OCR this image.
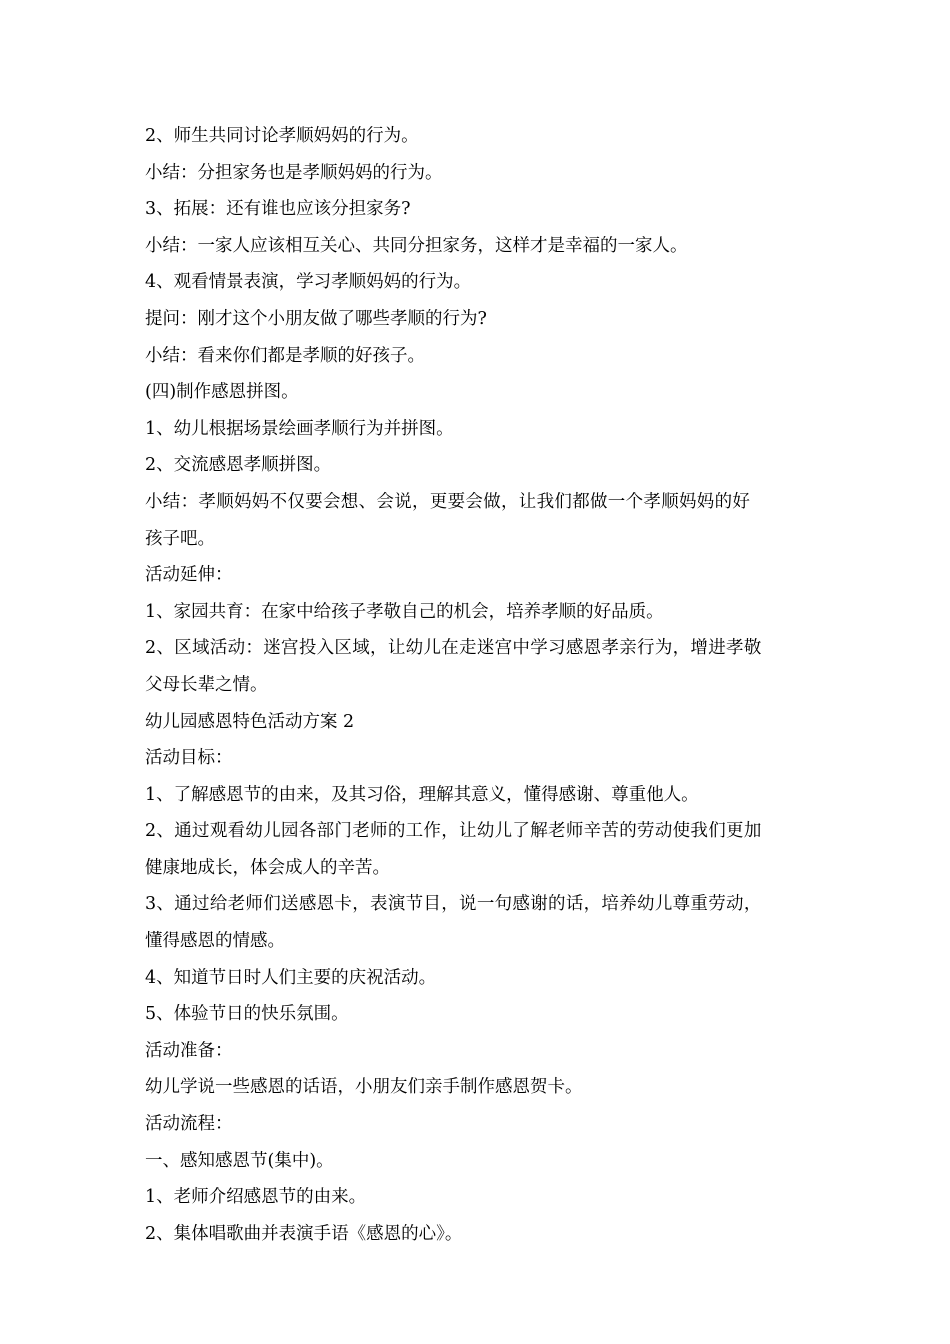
2、师生共同讨论孝顺妈妈的行为。
小结：分担家务也是孝顺妈妈的行为。
3、拓展：还有谁也应该分担家务?
小结：一家人应该相互关心、共同分担家务，这样才是幸福的一家人。
4、观看情景表演，学习孝顺妈妈的行为。
提问：刚才这个小朋友做了哪些孝顺的行为?
小结：看来你们都是孝顺的好孩子。
(四)制作感恩拼图。
1、幼儿根据场景绘画孝顺行为并拼图。
2、交流感恩孝顺拼图。
小结：孝顺妈妈不仅要会想、会说，更要会做，让我们都做一个孝顺妈妈的好
孩子吧。
活动延伸：
1、家园共育：在家中给孩子孝敬自己的机会，培养孝顺的好品质。
2、区域活动：迷宫投入区域，让幼儿在走迷宫中学习感恩孝亲行为，增进孝敬
父母长辈之情。
幼儿园感恩特色活动方案 2
活动目标：
1、了解感恩节的由来，及其习俗，理解其意义，懂得感谢、尊重他人。
2、通过观看幼儿园各部门老师的工作，让幼儿了解老师辛苦的劳动使我们更加
健康地成长，体会成人的辛苦。
3、通过给老师们送感恩卡，表演节目，说一句感谢的话，培养幼儿尊重劳动，
懂得感恩的情感。
4、知道节日时人们主要的庆祝活动。
5、体验节日的快乐氛围。
活动准备：
幼儿学说一些感恩的话语，小朋友们亲手制作感恩贺卡。
活动流程：
一、感知感恩节(集中)。
1、老师介绍感恩节的由来。
2、集体唱歌曲并表演手语《感恩的心》。
